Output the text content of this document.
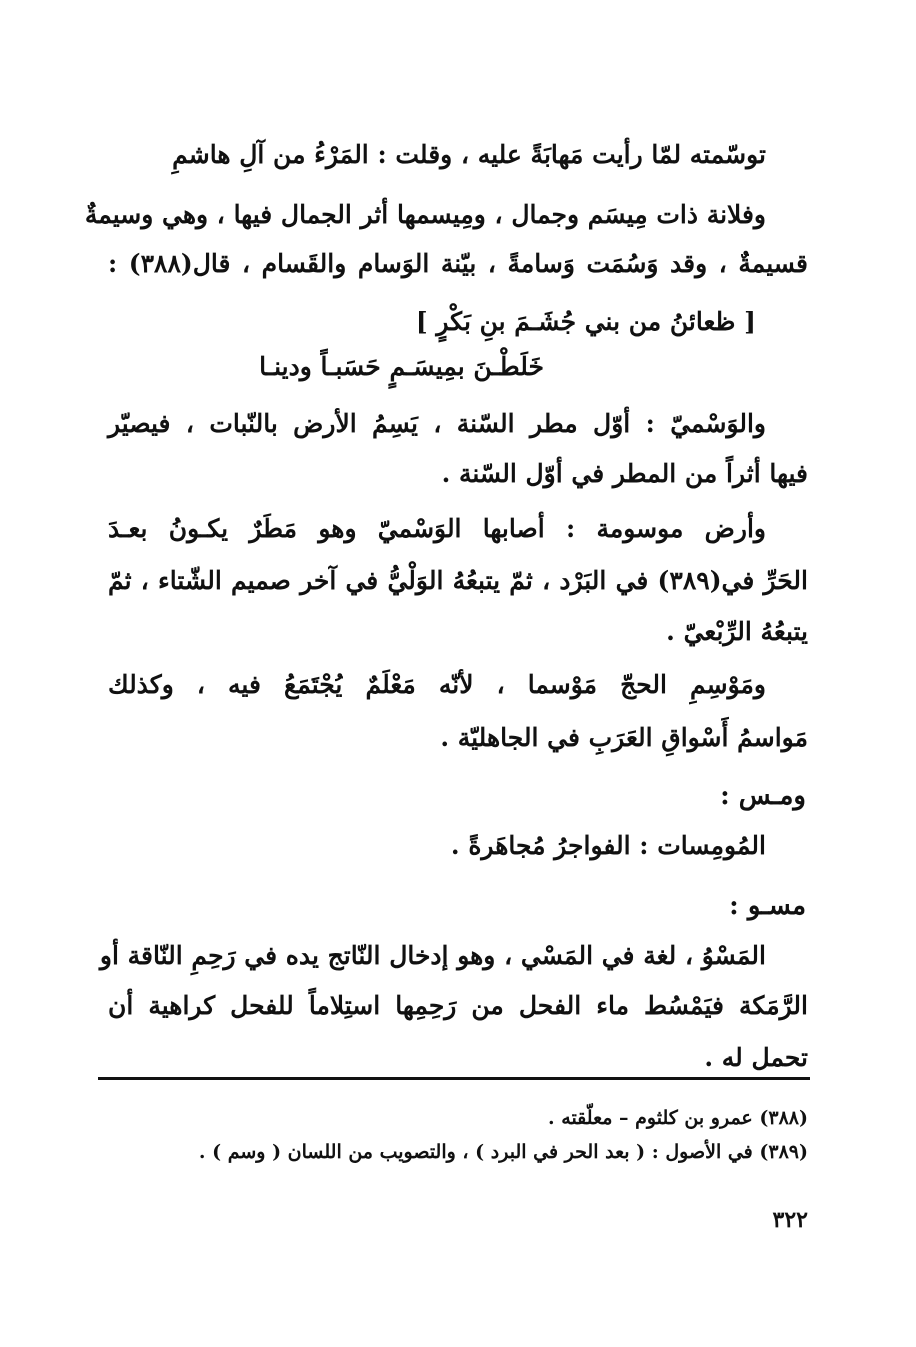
توسّمته لمّا رأيت مَهابَة‌ً عليه ، وقلت : المَرْءُ من آلِ هاشمِ
وفلانة ذات مِيسَم وجمال ، ومِيسمها أثر الجمال فيها ، وهي وسيمة‌ٌ
قسيمة‌ٌ ، وقد وَسُمَت وَسامة‌ً ، بيّنة الوَسام والقَسام ، قال(٣٨٨) :
[ ظعائنُ من بني جُشَـمَ بنِ بَكْرٍ ]
خَلَطْـنَ بمِيسَـمٍ حَسَبـاً ودينـا
والوَسْميّ : أوّل مطر السّنة ، يَسِمُ الأرض بالنّبات ، فيصيّر
فيها أثراً من المطر في أوّل السّنة .
وأرض موسومة : أصابها الوَسْميّ وهو مَطَرٌ يكـونُ بعـدَ
الحَرِّ في(٣٨٩) في البَرْد ، ثمّ يتبعُهُ الوَلْيُّ في آخر صميم الشّتاء ، ثمّ
يتبعُهُ الرِّبْعيّ .
ومَوْسِمِ الحجّ مَوْسما ، لأنّه مَعْلَمٌ يُجْتَمَعُ فيه ، وكذلك
مَواسمُ أَسْواقِ العَرَبِ في الجاهليّة .
ومـس :
المُومِسات : الفواجرُ مُجاهَرةً .
مسـو :
المَسْوُ ، لغة في المَسْي ، وهو إدخال النّاتج يده في رَحِمِ النّاقة أو
الرَّمَكة فيَمْسُط ماء الفحل من رَحِمِها استِلاماً للفحل كراهية أن
تحمل له .
(٣٨٨) عمرو بن كلثوم – معلّقته .
(٣٨٩) في الأصول : ( بعد الحر في البرد ) ، والتصويب من اللسان ( وسم ) .
٣٢٢
